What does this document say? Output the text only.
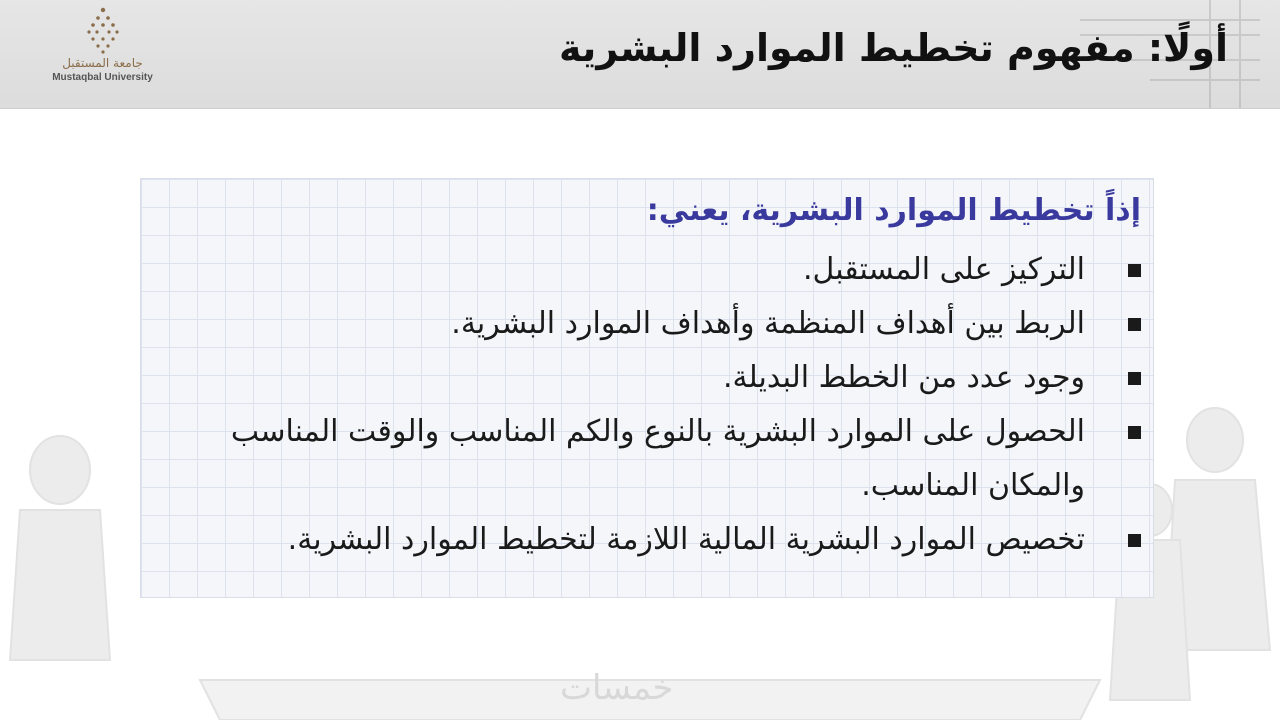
جامعة المستقبل
Mustaqbal University
أولًا: مفهوم تخطيط الموارد البشرية
إذاً تخطيط الموارد البشرية، يعني:
التركيز على المستقبل.
الربط بين أهداف المنظمة وأهداف الموارد البشرية.
وجود عدد من الخطط البديلة.
الحصول على الموارد البشرية بالنوع والكم المناسب والوقت المناسب والمكان المناسب.
تخصيص الموارد البشرية المالية اللازمة لتخطيط الموارد البشرية.
خمسات
